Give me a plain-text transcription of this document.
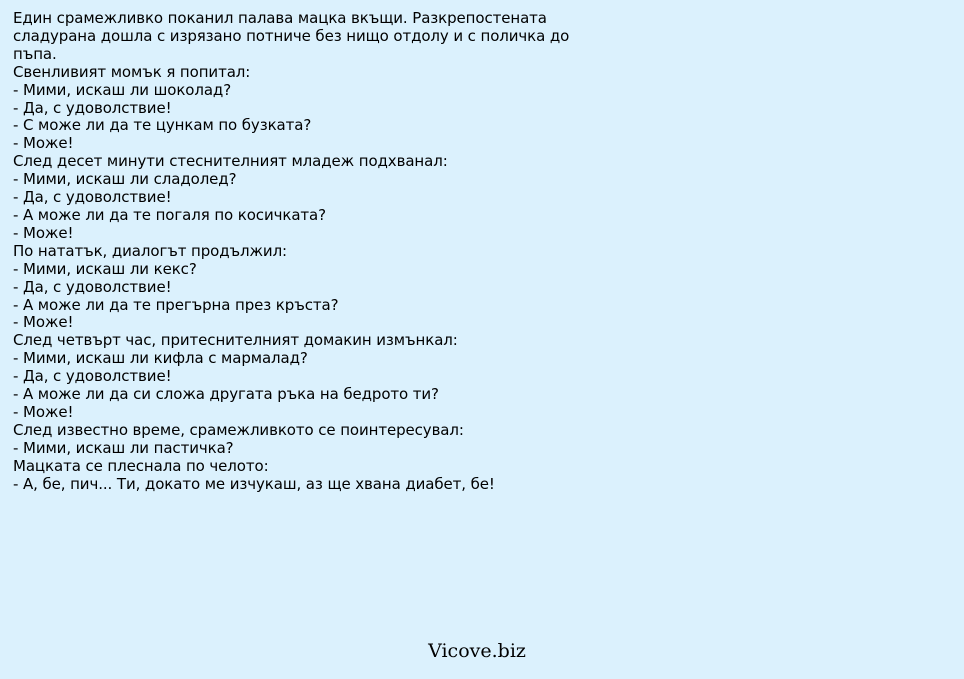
Един срамежливко поканил палава мацка вкъщи. Разкрепостената сладурана дошла с изрязано потниче без нищо отдолу и с поличка до пъпа.
Свенливият момък я попитал:
- Мими, искаш ли шоколад?
- Да, с удоволствие!
- С може ли да те цункам по бузката?
- Може!
След десет минути стеснителният младеж подхванал:
- Мими, искаш ли сладолед?
- Да, с удоволствие!
- А може ли да те погаля по косичката?
- Може!
По нататък, диалогът продължил:
- Мими, искаш ли кекс?
- Да, с удоволствие!
- А може ли да те прегърна през кръста?
- Може!
След четвърт час, притеснителният домакин измънкал:
- Мими, искаш ли кифла с мармалад?
- Да, с удоволствие!
- А може ли да си сложа другата ръка на бедрото ти?
- Може!
След известно време, срамежливкото се поинтересувал:
- Мими, искаш ли пастичка?
Мацката се плеснала по челото:
- А, бе, пич... Ти, докато ме изчукаш, аз ще хвана диабет, бе!
Vicove.biz
